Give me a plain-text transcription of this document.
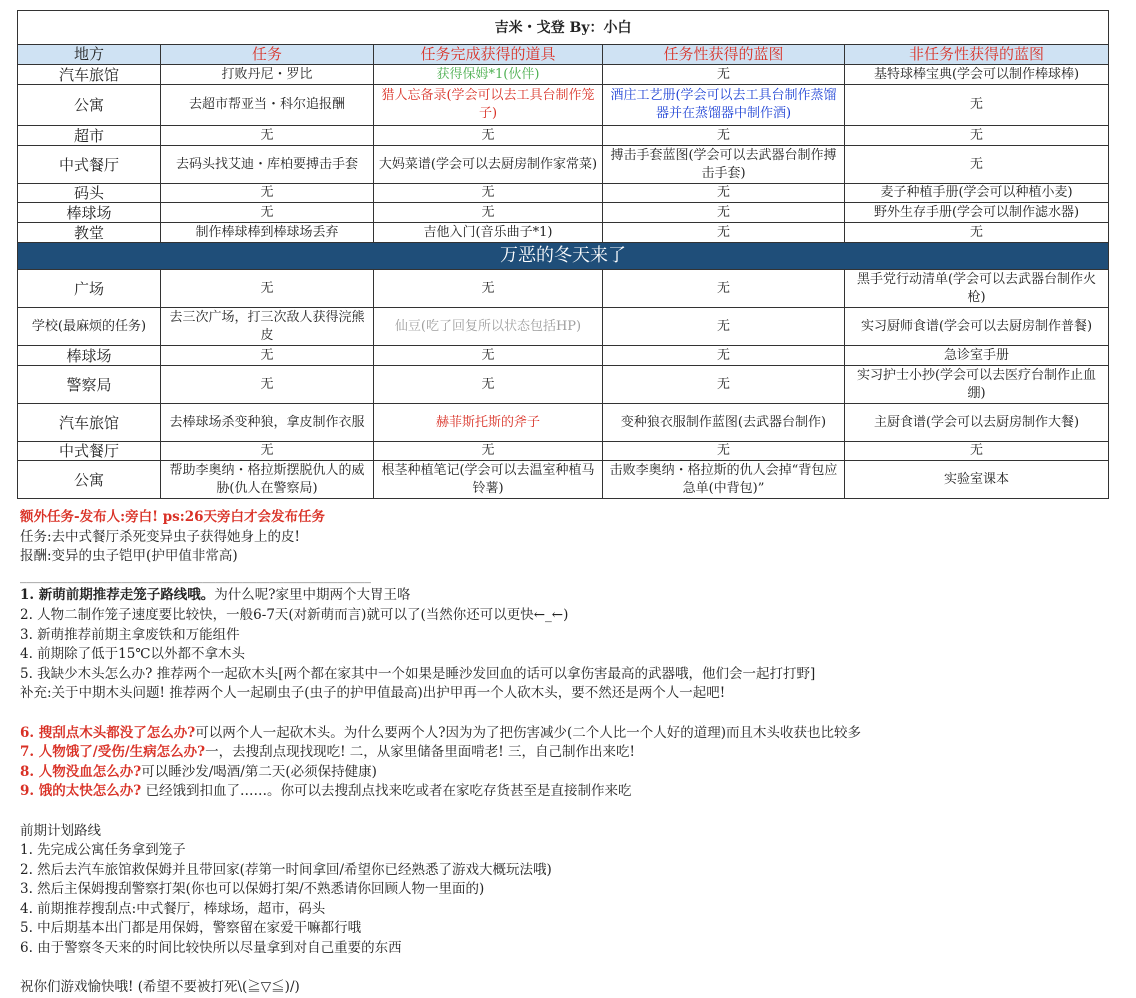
吉米・戈登 By：小白				
地方	任务	任务完成获得的道具	任务性获得的蓝图	非任务性获得的蓝图
汽车旅馆	打败丹尼・罗比	获得保姆*1(伙伴)	无	基特球棒宝典(学会可以制作棒球棒)
公寓	去超市帮亚当・科尔追报酬	猎人忘备录(学会可以去工具台制作笼子)	酒庄工艺册(学会可以去工具台制作蒸馏器并在蒸馏器中制作酒)	无
超市	无	无	无	无
中式餐厅	去码头找艾迪・库柏要搏击手套	大妈菜谱(学会可以去厨房制作家常菜)	搏击手套蓝图(学会可以去武器台制作搏击手套)	无
码头	无	无	无	麦子种植手册(学会可以种植小麦)
棒球场	无	无	无	野外生存手册(学会可以制作滤水器)
教堂	制作棒球棒到棒球场丢弃	吉他入门(音乐曲子*1)	无	无
万恶的冬天来了				
广场	无	无	无	黑手党行动清单(学会可以去武器台制作火枪)
学校(最麻烦的任务)	去三次广场，打三次敌人获得浣熊皮	仙豆(吃了回复所以状态包括HP)	无	实习厨师食谱(学会可以去厨房制作普餐)
棒球场	无	无	无	急诊室手册
警察局	无	无	无	实习护士小抄(学会可以去医疗台制作止血绷)
汽车旅馆	去棒球场杀变种狼，拿皮制作衣服	赫菲斯托斯的斧子	变种狼衣服制作蓝图(去武器台制作)	主厨食谱(学会可以去厨房制作大餐)
中式餐厅	无	无	无	无
公寓	帮助李奥纳・格拉斯摆脱仇人的威胁(仇人在警察局)	根茎种植笔记(学会可以去温室种植马铃薯)	击败李奥纳・格拉斯的仇人会掉“背包应急单(中背包)”	实验室课本
额外任务-发布人:旁白! ps:26天旁白才会发布任务
任务:去中式餐厅杀死变异虫子获得她身上的皮!
报酬:变异的虫子铠甲(护甲值非常高)
____________________________________________________
1. 新萌前期推荐走笼子路线哦。为什么呢?家里中期两个大胃王咯
2. 人物二制作笼子速度要比较快，一般6-7天(对新萌而言)就可以了(当然你还可以更快←_←)
3. 新萌推荐前期主拿废铁和万能组件
4. 前期除了低于15℃以外都不拿木头
5. 我缺少木头怎么办? 推荐两个一起砍木头[两个都在家其中一个如果是睡沙发回血的话可以拿伤害最高的武器哦，他们会一起打打野]
补充:关于中期木头问题! 推荐两个人一起刷虫子(虫子的护甲值最高)出护甲再一个人砍木头，要不然还是两个人一起吧!
6. 搜刮点木头都没了怎么办?可以两个人一起砍木头。为什么要两个人?因为为了把伤害减少(二个人比一个人好的道理)而且木头收获也比较多
7. 人物饿了/受伤/生病怎么办?一，去搜刮点现找现吃! 二，从家里储备里面啃老! 三，自己制作出来吃!
8. 人物没血怎么办?可以睡沙发/喝酒/第二天(必须保持健康)
9. 饿的太快怎么办? 已经饿到扣血了……。你可以去搜刮点找来吃或者在家吃存货甚至是直接制作来吃
前期计划路线
1. 先完成公寓任务拿到笼子
2. 然后去汽车旅馆救保姆并且带回家(荐第一时间拿回/希望你已经熟悉了游戏大概玩法哦)
3. 然后主保姆搜刮警察打架(你也可以保姆打架/不熟悉请你回顾人物一里面的)
4. 前期推荐搜刮点:中式餐厅，棒球场，超市，码头
5. 中后期基本出门都是用保姆，警察留在家爱干嘛都行哦
6. 由于警察冬天来的时间比较快所以尽量拿到对自己重要的东西
祝你们游戏愉快哦! (希望不要被打死\(≧▽≦)/)
